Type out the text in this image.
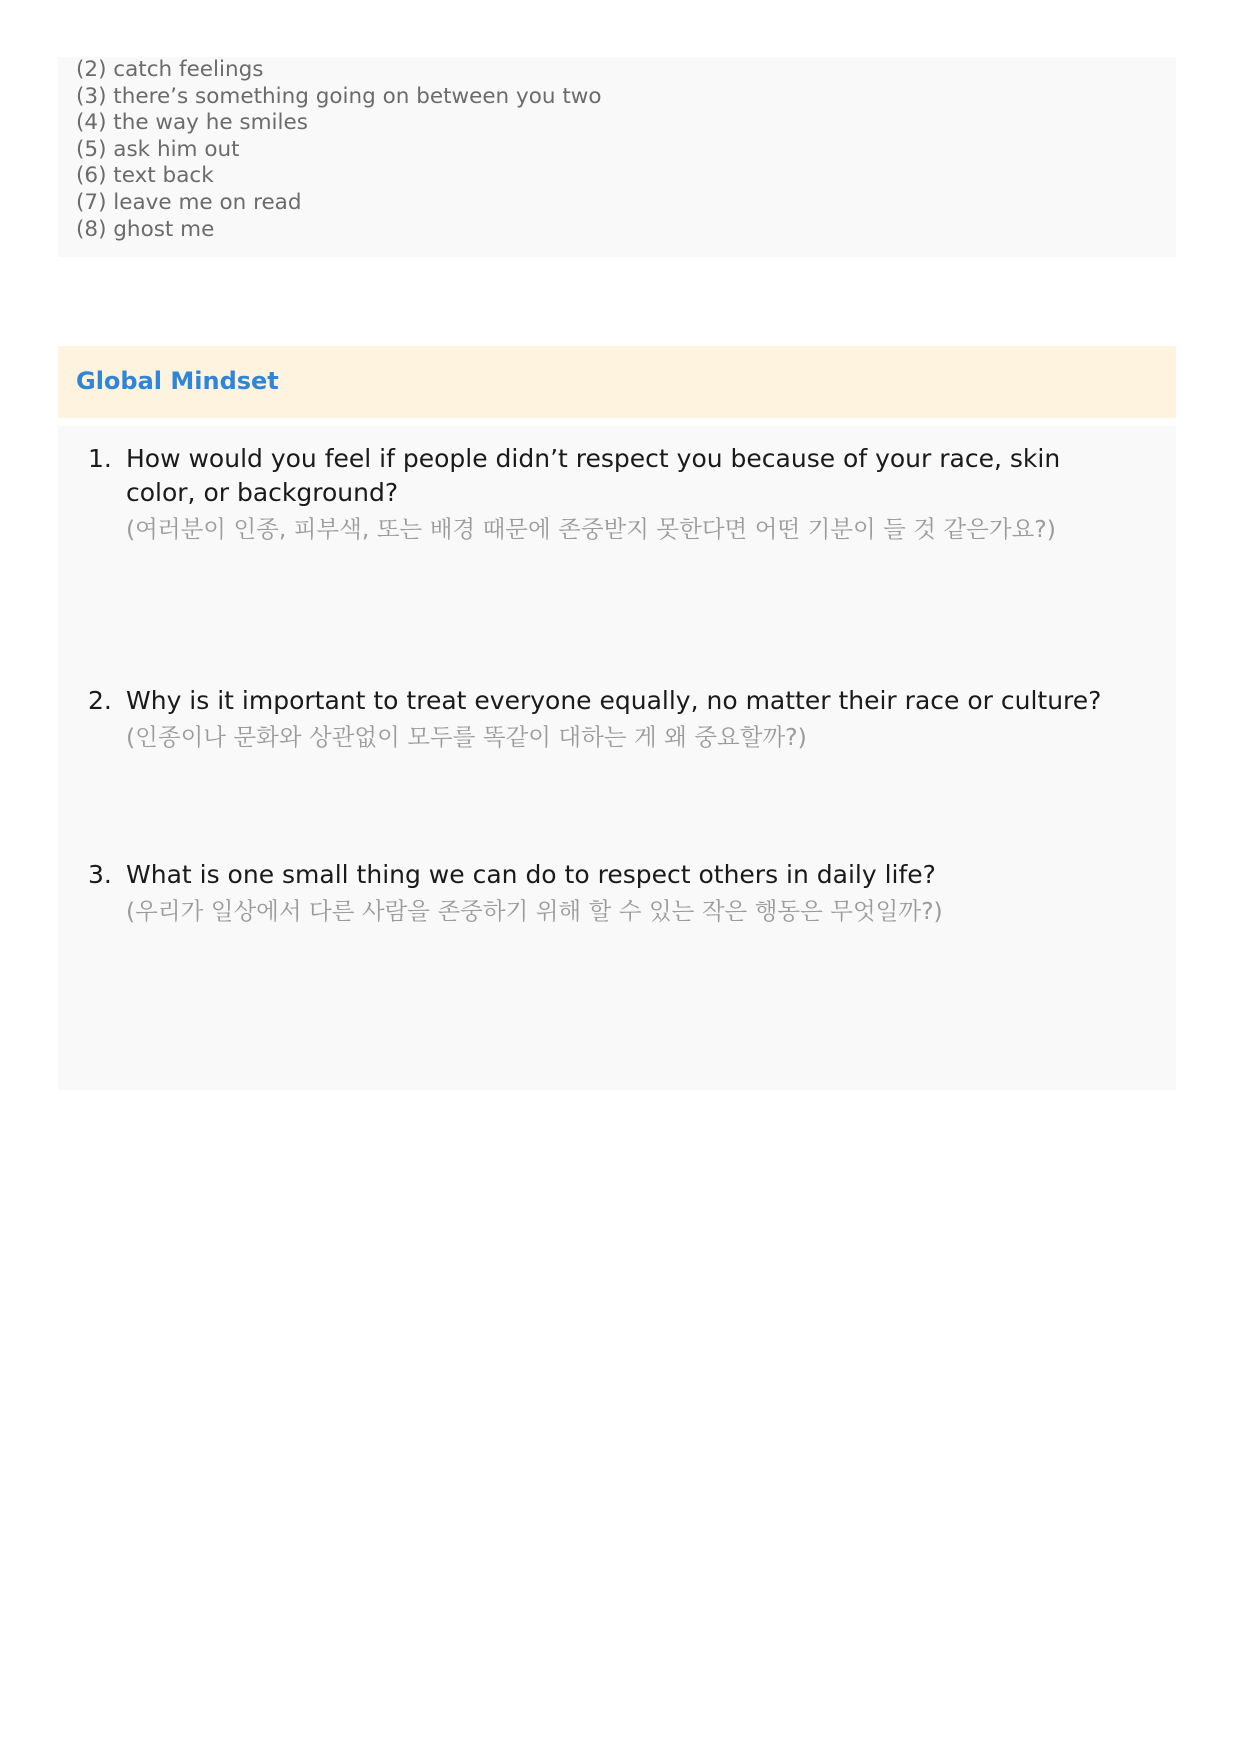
(2) catch feelings
(3) there’s something going on between you two
(4) the way he smiles
(5) ask him out
(6) text back
(7) leave me on read
(8) ghost me
Global Mindset
1. How would you feel if people didn’t respect you because of your race, skin color, or background?
(여러분이 인종, 피부색, 또는 배경 때문에 존중받지 못한다면 어떤 기분이 들 것 같은가요?)
2. Why is it important to treat everyone equally, no matter their race or culture?
(인종이나 문화와 상관없이 모두를 똑같이 대하는 게 왜 중요할까?)
3. What is one small thing we can do to respect others in daily life?
(우리가 일상에서 다른 사람을 존중하기 위해 할 수 있는 작은 행동은 무엇일까?)
